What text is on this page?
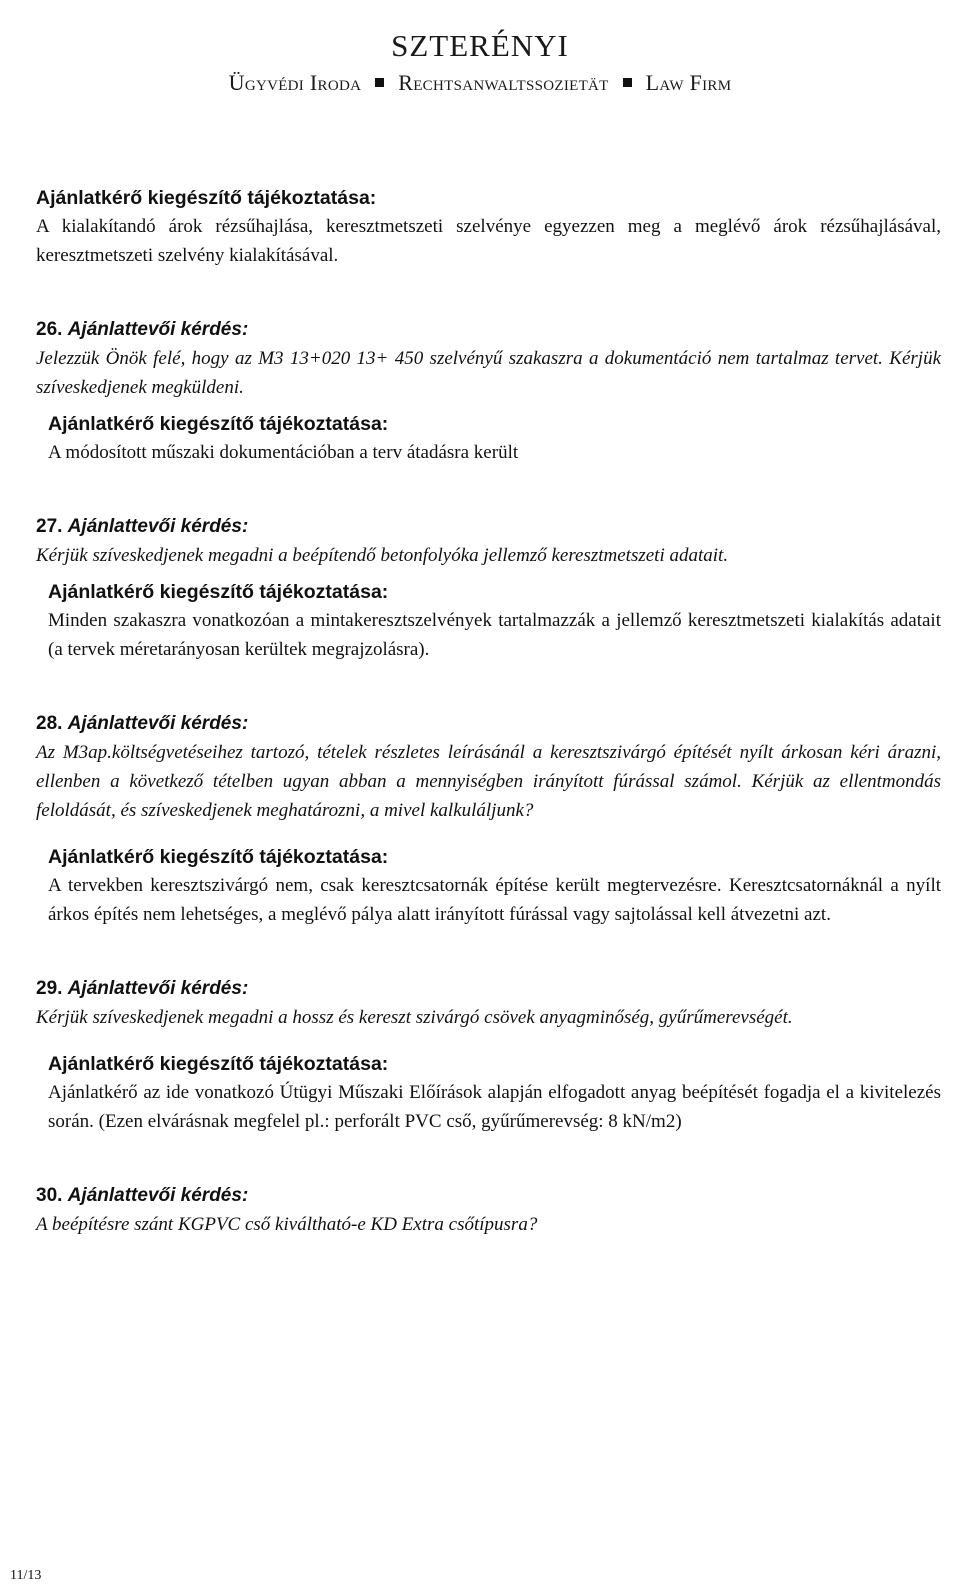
SZTERÉNYI
Ügyvédi Iroda Rechtsanwaltssozietät Law Firm

Ajánlatkérő kiegészítő tájékoztatása:

A kialakítandó árok rézsűhajlása, keresztmetszeti szelvénye egyezzen meg a meglévő árok rézsűhajlásával, keresztmetszeti szelvény kialakításával.

26. Ajánlattevői kérdés:

Jelezzük Önök felé, hogy az M3 13+020 13+ 450 szelvényű szakaszra a dokumentáció nem tartalmaz tervet. Kérjük szíveskedjenek megküldeni.

Ajánlatkérő kiegészítő tájékoztatása:

A módosított műszaki dokumentációban a terv átadásra került

27. Ajánlattevői kérdés:

Kérjük szíveskedjenek megadni a beépítendő betonfolyóka jellemző keresztmetszeti adatait.

Ajánlatkérő kiegészítő tájékoztatása:

Minden szakaszra vonatkozóan a mintakeresztszelvények tartalmazzák a jellemző keresztmetszeti kialakítás adatait (a tervek méretarányosan kerültek megrajzolásra).

28. Ajánlattevői kérdés:

Az M3ap.költségvetéseihez tartozó, tételek részletes leírásánál a keresztszivárgó építését nyílt árkosan kéri árazni, ellenben a következő tételben ugyan abban a mennyiségben irányított fúrással számol. Kérjük az ellentmondás feloldását, és szíveskedjenek meghatározni, a mivel kalkuláljunk?

Ajánlatkérő kiegészítő tájékoztatása:

A tervekben keresztszivárgó nem, csak keresztcsatornák építése került megtervezésre. Keresztcsatornáknál a nyílt árkos építés nem lehetséges, a meglévő pálya alatt irányított fúrással vagy sajtolással kell átvezetni azt.

29. Ajánlattevői kérdés:

Kérjük szíveskedjenek megadni a hossz és kereszt szivárgó csövek anyagminőség, gyűrűmerevségét.

Ajánlatkérő kiegészítő tájékoztatása:

Ajánlatkérő az ide vonatkozó Útügyi Műszaki Előírások alapján elfogadott anyag beépítését fogadja el a kivitelezés során. (Ezen elvárásnak megfelel pl.: perforált PVC cső, gyűrűmerevség: 8 kN/m2)

30. Ajánlattevői kérdés:

A beépítésre szánt KGPVC cső kiváltható-e KD Extra csőtípusra?

11/13
